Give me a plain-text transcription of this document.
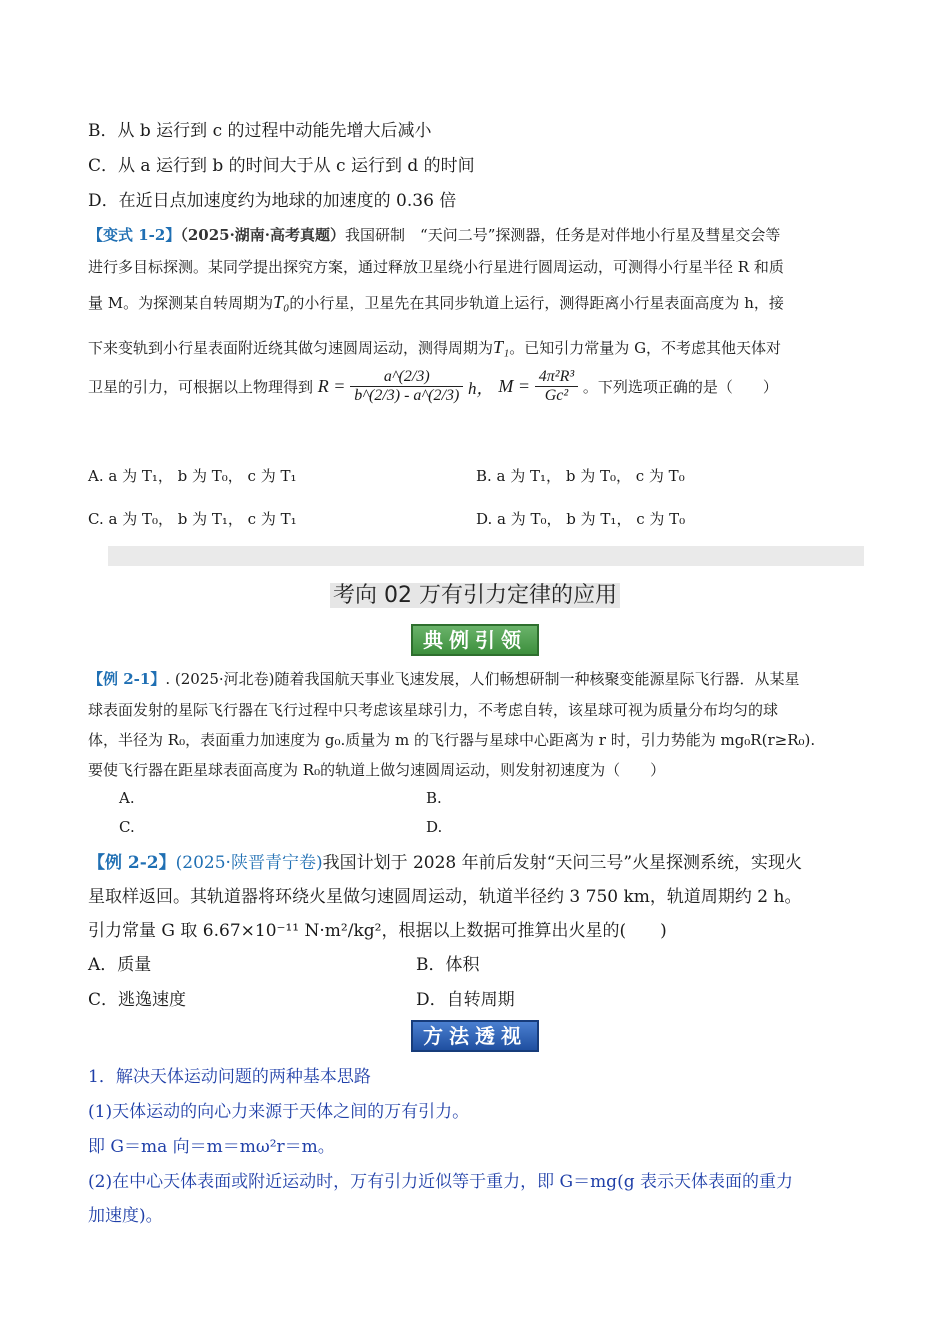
B．从 b 运行到 c 的过程中动能先增大后减小
C．从 a 运行到 b 的时间大于从 c 运行到 d 的时间
D．在近日点加速度约为地球的加速度的 0.36 倍
【变式 1-2】（2025·湖南·高考真题）我国研制　“天问二号”探测器，任务是对伴地小行星及彗星交会等
进行多目标探测。某同学提出探究方案，通过释放卫星绕小行星进行圆周运动，可测得小行星半径 R 和质
量 M。为探测某自转周期为T₀的小行星，卫星先在其同步轨道上运行，测得距离小行星表面高度为 h，接
下来变轨到小行星表面附近绕其做匀速圆周运动，测得周期为T₁。已知引力常量为 G，不考虑其他天体对
卫星的引力，可根据以上物理得到 $R = \frac{a\^{}(2/3)}{b\^{}(2/3) - a\^{}(2/3)}$ h， $M = \frac{\text{4π²R³}}{\text{Gc²}}$ 。下列选项正确的是（　　）
A. a 为 T₁， b 为 T₀， c 为 T₁	B. a 为 T₁， b 为 T₀， c 为 T₀
C. a 为 T₀， b 为 T₁， c 为 T₁	D. a 为 T₀， b 为 T₁， c 为 T₀
考向 02 万有引力定律的应用
典例引领
【例 2-1】. (2025·河北卷)随着我国航天事业飞速发展，人们畅想研制一种核聚变能源星际飞行器．从某星
球表面发射的星际飞行器在飞行过程中只考虑该星球引力，不考虑自转，该星球可视为质量分布均匀的球
体，半径为 R₀，表面重力加速度为 g₀.质量为 m 的飞行器与星球中心距离为 r 时，引力势能为 mg₀R(r≥R₀).
要使飞行器在距星球表面高度为 R₀的轨道上做匀速圆周运动，则发射初速度为（　　）
A.	B.
C.	D.
【例 2-2】(2025·陕晋青宁卷)我国计划于 2028 年前后发射“天问三号”火星探测系统，实现火
星取样返回。其轨道器将环绕火星做匀速圆周运动，轨道半径约 3 750 km，轨道周期约 2 h。
引力常量 G 取 6.67×10⁻¹¹ N·m²/kg²，根据以上数据可推算出火星的(　　)
A．质量	B．体积
C．逃逸速度	D．自转周期
方法透视
1．解决天体运动问题的两种基本思路
(1)天体运动的向心力来源于天体之间的万有引力。
即 G＝ma 向＝m＝mω²r＝m。
(2)在中心天体表面或附近运动时，万有引力近似等于重力，即 G＝mg(g 表示天体表面的重力
加速度)。
